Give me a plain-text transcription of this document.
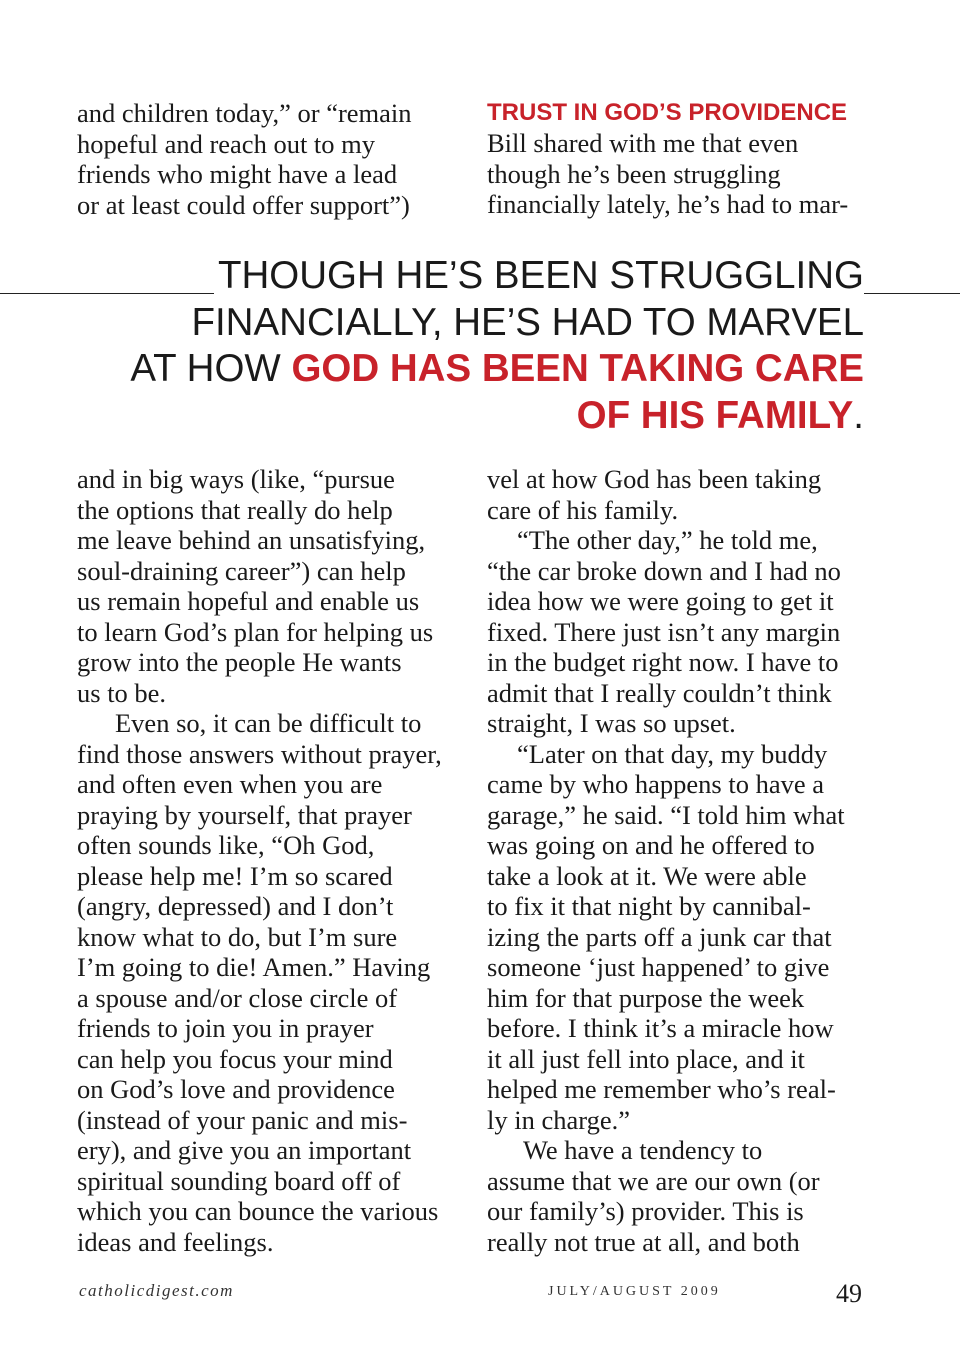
and children today,” or “remain
hopeful and reach out to my
friends who might have a lead
or at least could offer support”)
TRUST IN GOD’S PROVIDENCE
Bill shared with me that even
though he’s been struggling
financially lately, he’s had to mar-
THOUGH HE’S BEEN STRUGGLING
FINANCIALLY, HE’S HAD TO MARVEL
AT HOW GOD HAS BEEN TAKING CARE
OF HIS FAMILY.
and in big ways (like, “pursue
the options that really do help
me leave behind an unsatisfying,
soul-draining career”) can help
us remain hopeful and enable us
to learn God’s plan for helping us
grow into the people He wants
us to be.
Even so, it can be difficult to
find those answers without prayer,
and often even when you are
praying by yourself, that prayer
often sounds like, “Oh God,
please help me! I’m so scared
(angry, depressed) and I don’t
know what to do, but I’m sure
I’m going to die! Amen.” Having
a spouse and/or close circle of
friends to join you in prayer
can help you focus your mind
on God’s love and providence
(instead of your panic and mis-
ery), and give you an important
spiritual sounding board off of
which you can bounce the various
ideas and feelings.
vel at how God has been taking
care of his family.
“The other day,” he told me,
“the car broke down and I had no
idea how we were going to get it
fixed. There just isn’t any margin
in the budget right now. I have to
admit that I really couldn’t think
straight, I was so upset.
“Later on that day, my buddy
came by who happens to have a
garage,” he said. “I told him what
was going on and he offered to
take a look at it. We were able
to fix it that night by cannibal-
izing the parts off a junk car that
someone ‘just happened’ to give
him for that purpose the week
before. I think it’s a miracle how
it all just fell into place, and it
helped me remember who’s real-
ly in charge.”
We have a tendency to
assume that we are our own (or
our family’s) provider. This is
really not true at all, and both
catholicdigest.com	JULY/AUGUST 2009	49
